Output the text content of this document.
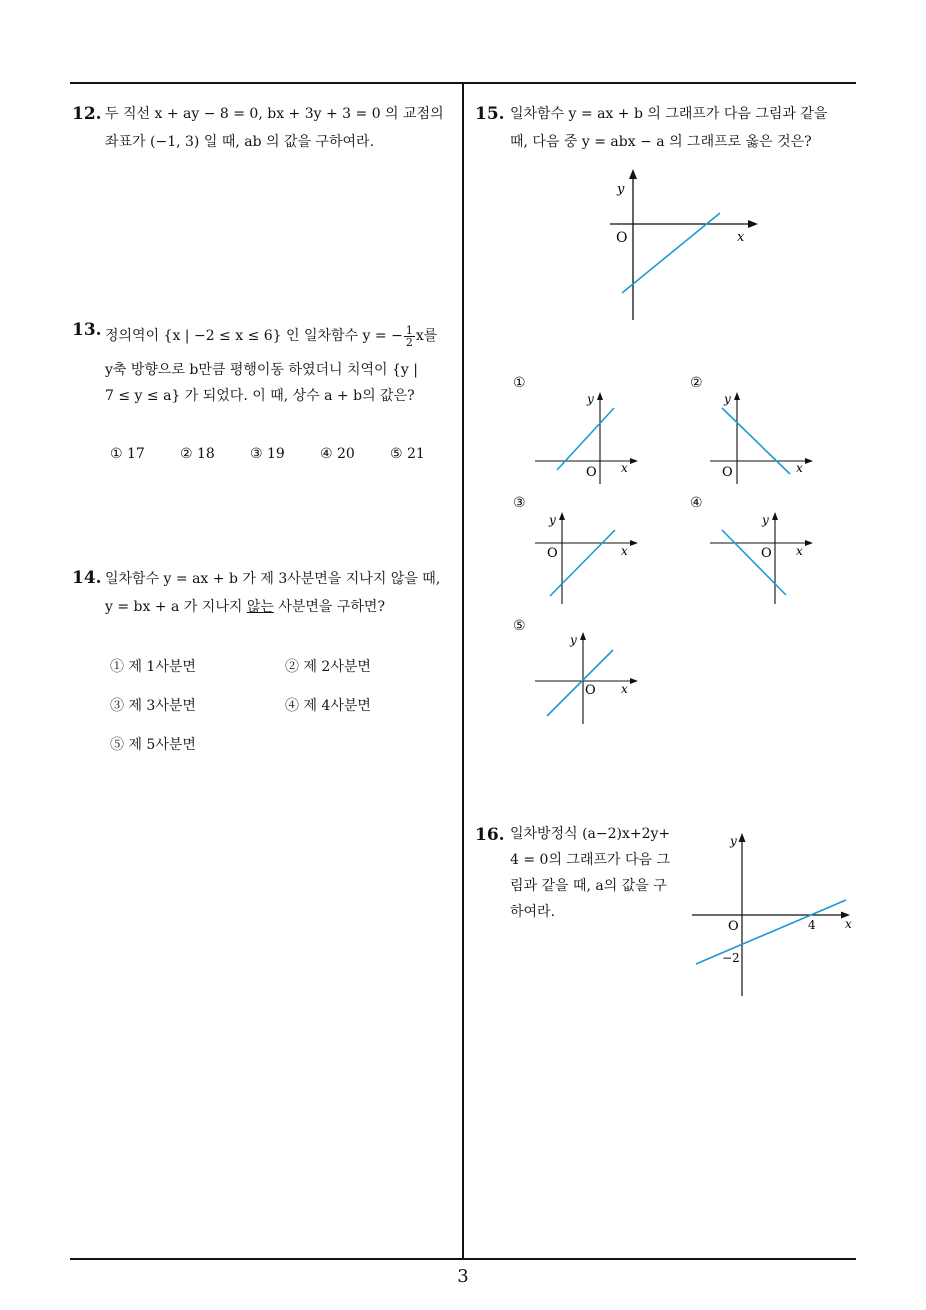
12. 두 직선 x + ay − 8 = 0, bx + 3y + 3 = 0 의 교점의
좌표가 (−1, 3) 일 때, ab 의 값을 구하여라.
13. 정의역이 {x | −2 ≤ x ≤ 6} 인 일차함수 y = − $\frac{1}{2}$ x를
y축 방향으로 b만큼 평행이동 하였더니 치역이 {y |
7 ≤ y ≤ a} 가 되었다. 이 때, 상수 a + b의 값은?
① 17	② 18	③ 19	④ 20	⑤ 21
14. 일차함수 y = ax + b 가 제 3사분면을 지나지 않을 때,
y = bx + a 가 지나지 않는 사분면을 구하면?
① 제 1사분면	② 제 2사분면
③ 제 3사분면	④ 제 4사분면
⑤ 제 5사분면
15. 일차함수 y = ax + b 의 그래프가 다음 그림과 같을
때, 다음 중 y = abx − a 의 그래프로 옳은 것은?
y
x
O
①
y
x
O
②
y
x
O
③
y
x
O
④
y
x
O
⑤
y
x
O
16. 일차방정식 (a−2)x+2y+
4 = 0의 그래프가 다음 그
림과 같을 때, a의 값을 구
하여라.
y
x
O	4
−2
3
